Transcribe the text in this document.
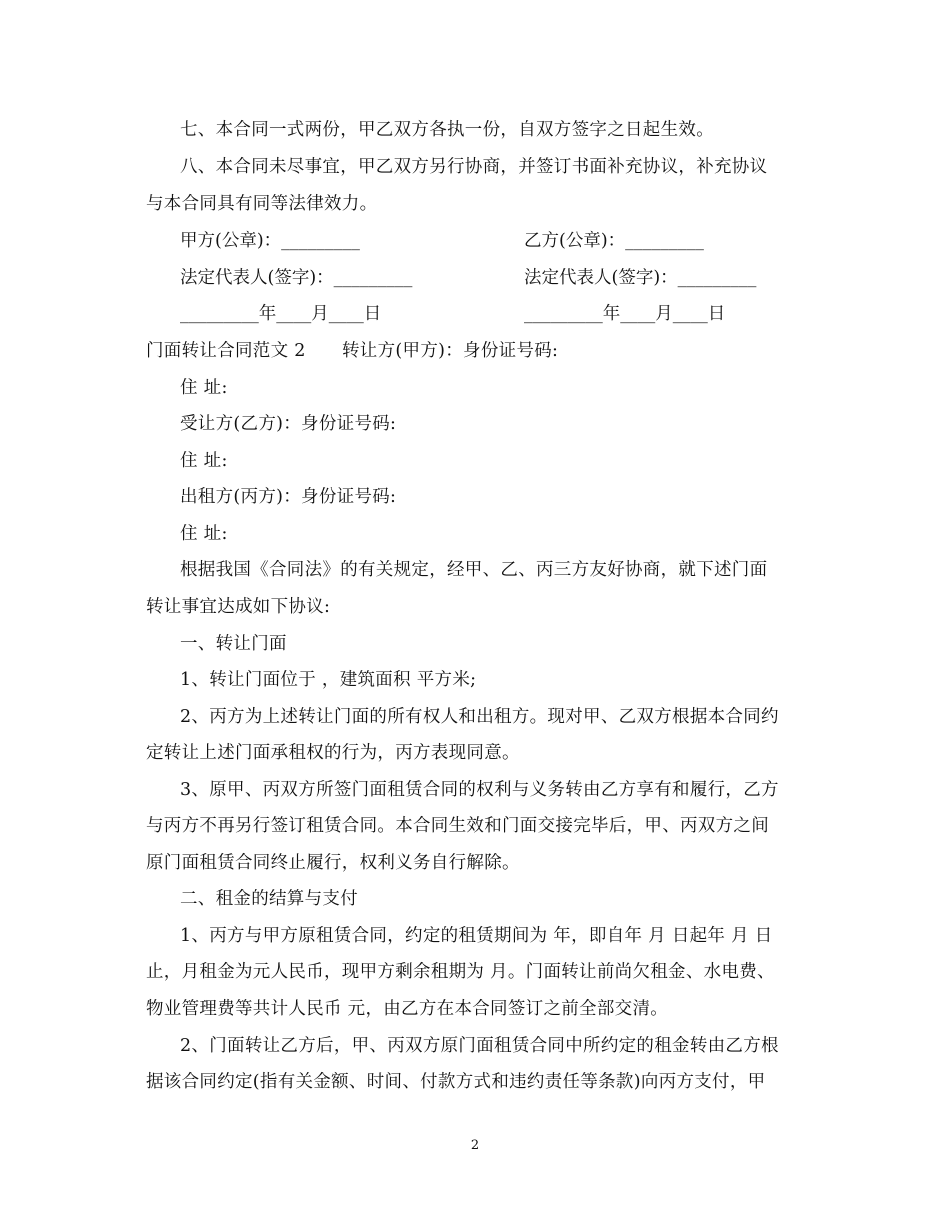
七、本合同一式两份，甲乙双方各执一份，自双方签字之日起生效。
八、本合同未尽事宜，甲乙双方另行协商，并签订书面补充协议，补充协议
与本合同具有同等法律效力。
甲方(公章)：_________	乙方(公章)：_________
法定代表人(签字)：_________	法定代表人(签字)：_________
_________年____月____日	_________年____月____日
门面转让合同范文 2 转让方(甲方)：身份证号码:
住 址:
受让方(乙方)：身份证号码:
住 址:
出租方(丙方)：身份证号码:
住 址:
根据我国《合同法》的有关规定，经甲、乙、丙三方友好协商，就下述门面
转让事宜达成如下协议:
一、转让门面
1、转让门面位于 ，建筑面积 平方米;
2、丙方为上述转让门面的所有权人和出租方。现对甲、乙双方根据本合同约
定转让上述门面承租权的行为，丙方表现同意。
3、原甲、丙双方所签门面租赁合同的权利与义务转由乙方享有和履行，乙方
与丙方不再另行签订租赁合同。本合同生效和门面交接完毕后，甲、丙双方之间
原门面租赁合同终止履行，权利义务自行解除。
二、租金的结算与支付
1、丙方与甲方原租赁合同，约定的租赁期间为 年，即自年 月 日起年 月 日
止，月租金为元人民币，现甲方剩余租期为 月。门面转让前尚欠租金、水电费、
物业管理费等共计人民币 元，由乙方在本合同签订之前全部交清。
2、门面转让乙方后，甲、丙双方原门面租赁合同中所约定的租金转由乙方根
据该合同约定(指有关金额、时间、付款方式和违约责任等条款)向丙方支付，甲
2
